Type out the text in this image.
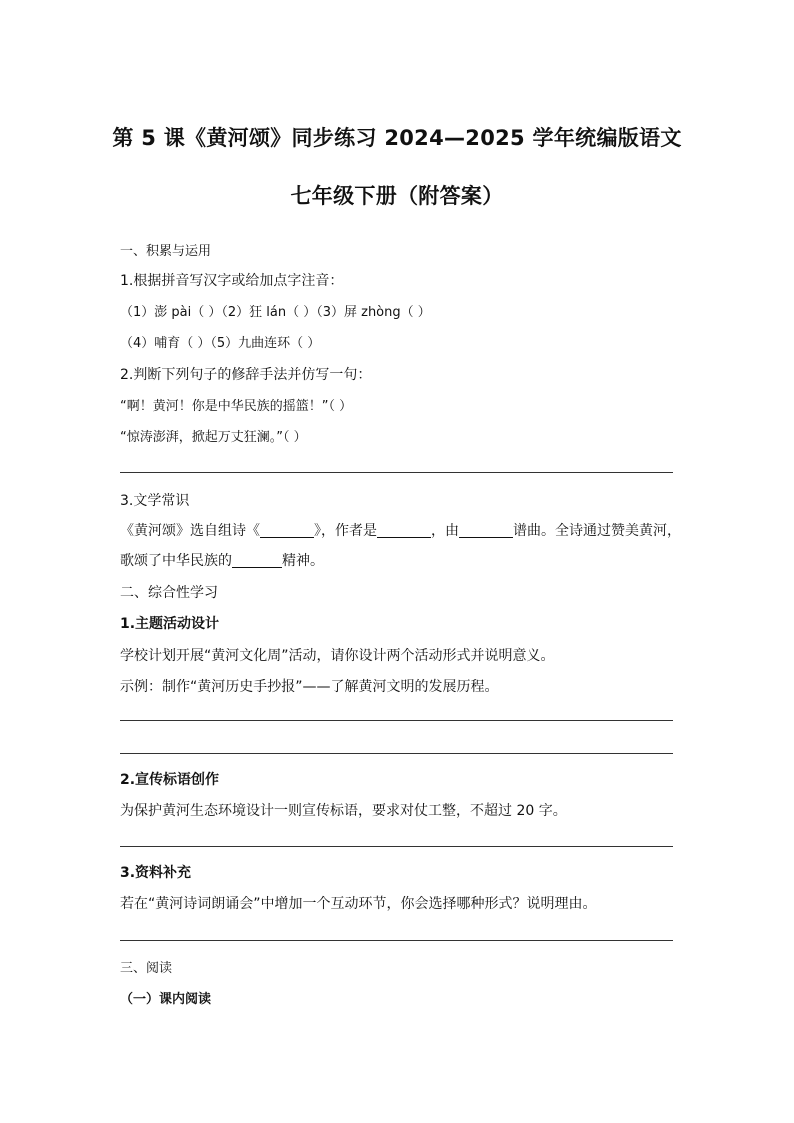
第 5 课《黄河颂》同步练习 2024—2025 学年统编版语文
七年级下册（附答案）
一、积累与运用
1.根据拼音写汉字或给加点字注音：
（1）澎 pài（ ）（2）狂 lán（ ）（3）屏 zhòng（ ）
（4）哺育（ ）（5）九曲连环（ ）
2.判断下列句子的修辞手法并仿写一句：
“啊！黄河！你是中华民族的摇篮！”（ ）
“惊涛澎湃，掀起万丈狂澜。”（ ）
3.文学常识
《黄河颂》选自组诗《	》，作者是	，由	谱曲。全诗通过赞美黄河，
歌颂了中华民族的	精神。
二、综合性学习
1.主题活动设计
学校计划开展“黄河文化周”活动，请你设计两个活动形式并说明意义。
示例：制作“黄河历史手抄报”——了解黄河文明的发展历程。
2.宣传标语创作
为保护黄河生态环境设计一则宣传标语，要求对仗工整，不超过 20 字。
3.资料补充
若在“黄河诗词朗诵会”中增加一个互动环节，你会选择哪种形式？说明理由。
三、阅读
（一）课内阅读
